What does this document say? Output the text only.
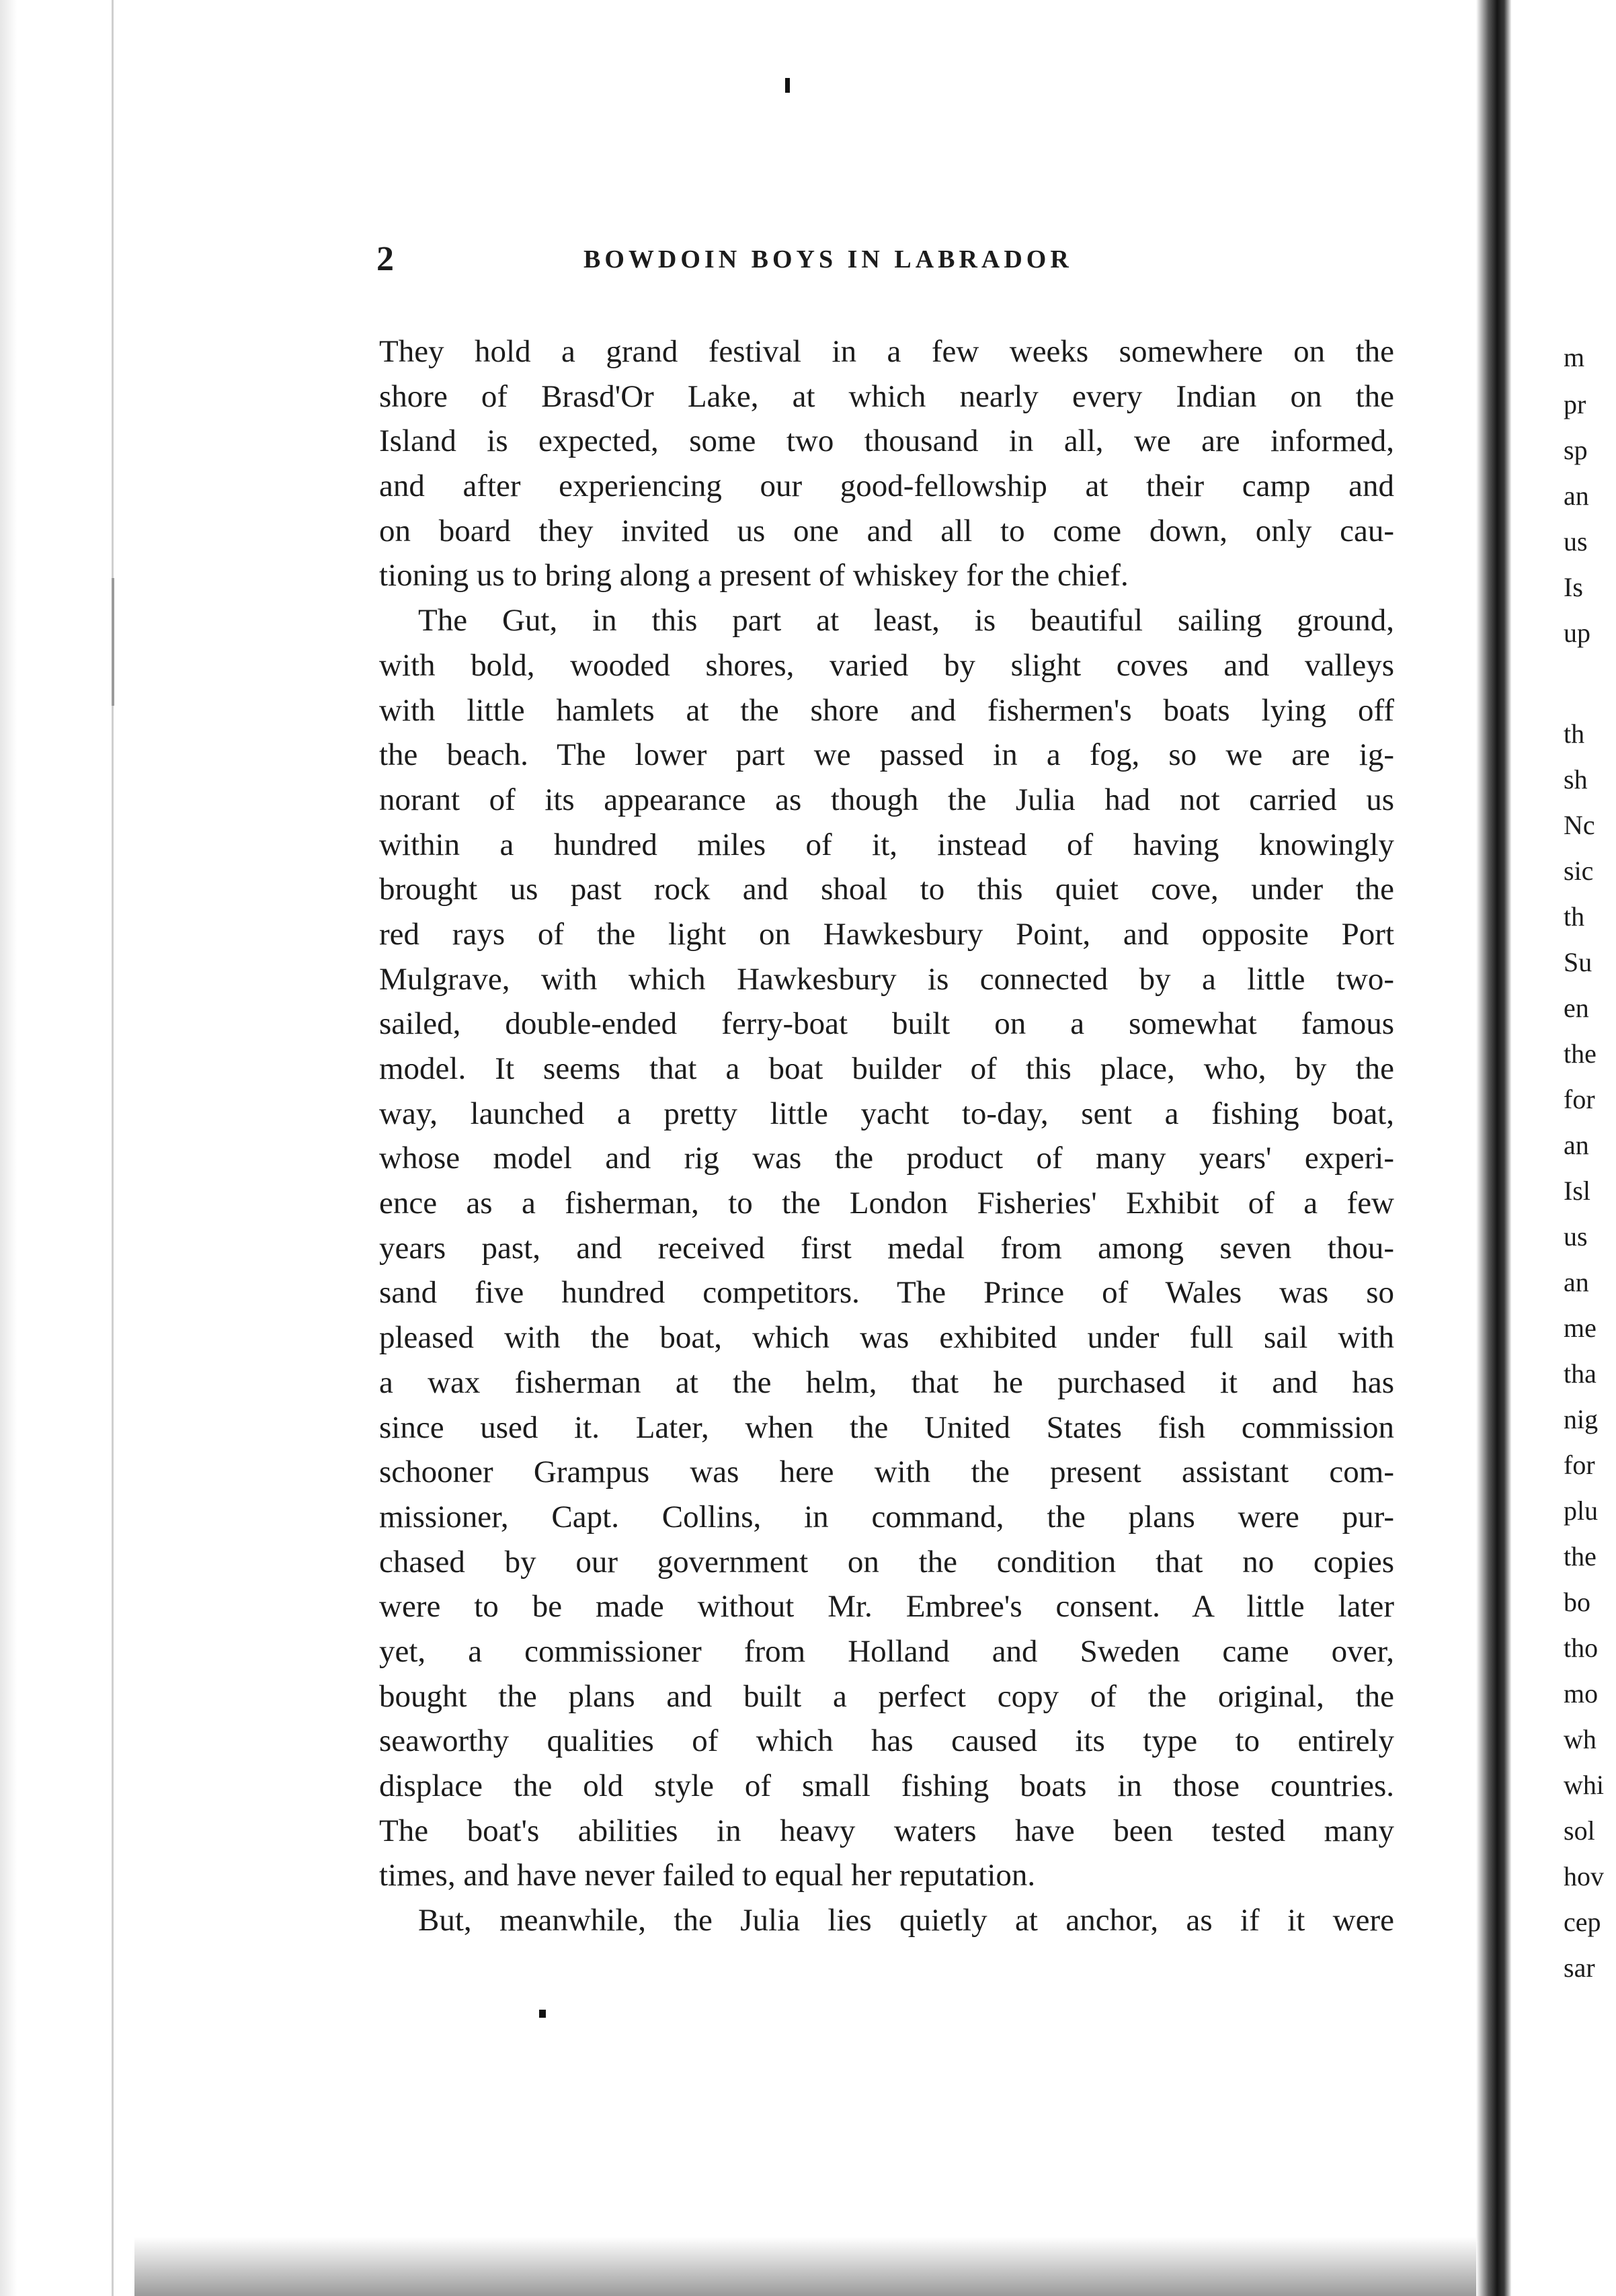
2	BOWDOIN BOYS IN LABRADOR
They hold a grand festival in a few weeks somewhere on the
shore of Brasd'Or Lake, at which nearly every Indian on the
Island is expected, some two thousand in all, we are informed,
and after experiencing our good-fellowship at their camp and
on board they invited us one and all to come down, only cau-
tioning us to bring along a present of whiskey for the chief.
The Gut, in this part at least, is beautiful sailing ground,
with bold, wooded shores, varied by slight coves and valleys
with little hamlets at the shore and fishermen's boats lying off
the beach. The lower part we passed in a fog, so we are ig-
norant of its appearance as though the Julia had not carried us
within a hundred miles of it, instead of having knowingly
brought us past rock and shoal to this quiet cove, under the
red rays of the light on Hawkesbury Point, and opposite Port
Mulgrave, with which Hawkesbury is connected by a little two-
sailed, double-ended ferry-boat built on a somewhat famous
model. It seems that a boat builder of this place, who, by the
way, launched a pretty little yacht to-day, sent a fishing boat,
whose model and rig was the product of many years' experi-
ence as a fisherman, to the London Fisheries' Exhibit of a few
years past, and received first medal from among seven thou-
sand five hundred competitors. The Prince of Wales was so
pleased with the boat, which was exhibited under full sail with
a wax fisherman at the helm, that he purchased it and has
since used it. Later, when the United States fish commission
schooner Grampus was here with the present assistant com-
missioner, Capt. Collins, in command, the plans were pur-
chased by our government on the condition that no copies
were to be made without Mr. Embree's consent. A little later
yet, a commissioner from Holland and Sweden came over,
bought the plans and built a perfect copy of the original, the
seaworthy qualities of which has caused its type to entirely
displace the old style of small fishing boats in those countries.
The boat's abilities in heavy waters have been tested many
times, and have never failed to equal her reputation.
But, meanwhile, the Julia lies quietly at anchor, as if it were
m
pr
sp
an
us
Is
up
th
sh
Nc
sic
th
Su
en
the
for
an
Isl
us
an
me
tha
nig
for
plu
the
bo
tho
mo
wh
whi
sol
hov
cep
sar
